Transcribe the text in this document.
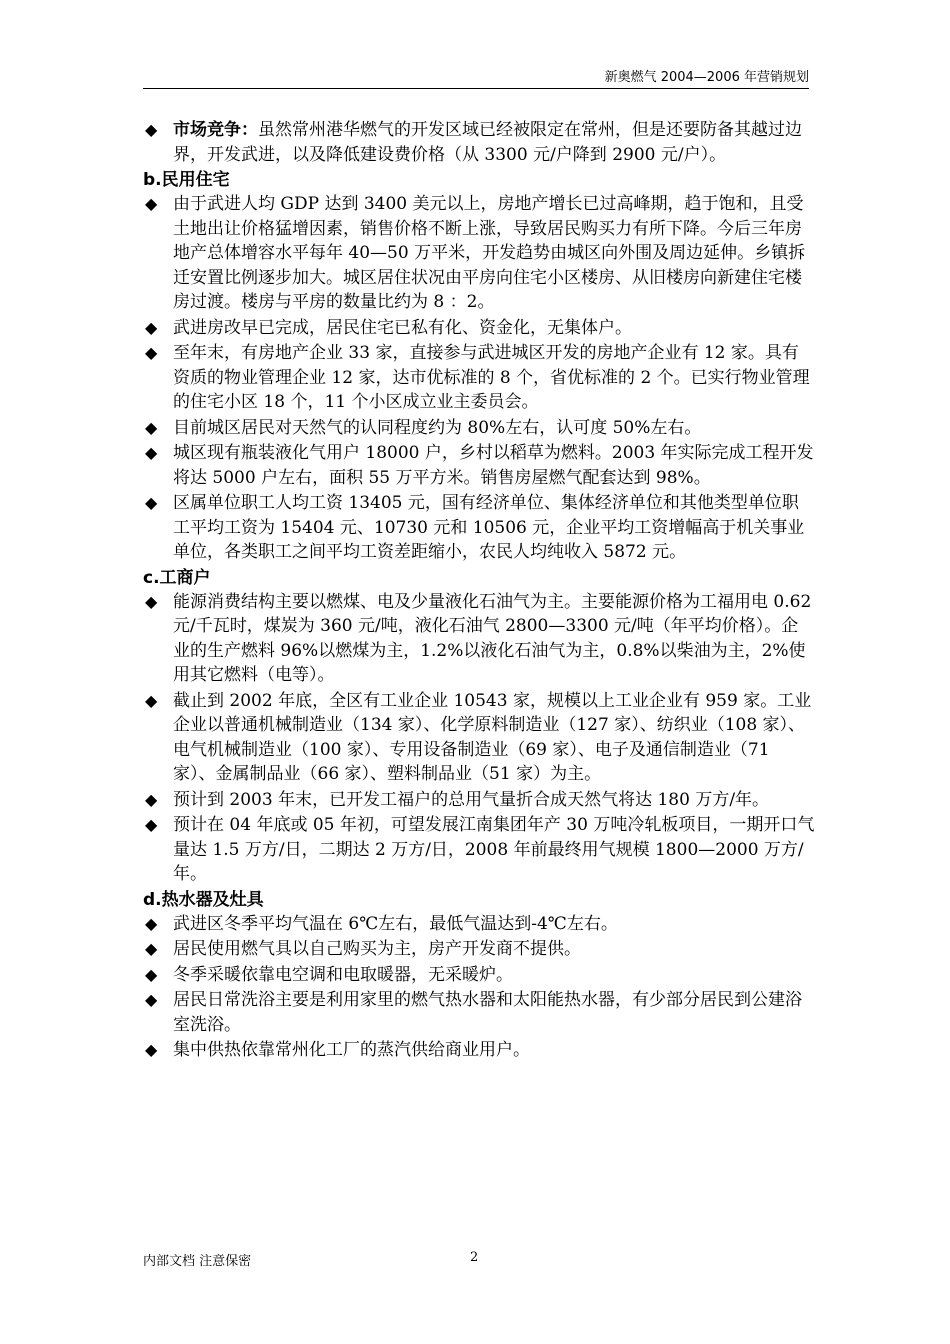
新奥燃气 2004—2006 年营销规划
◆ 市场竞争：虽然常州港华燃气的开发区域已经被限定在常州，但是还要防备其越过边界，开发武进，以及降低建设费价格（从 3300 元/户降到 2900 元/户）。
b.民用住宅
◆ 由于武进人均 GDP 达到 3400 美元以上，房地产增长已过高峰期，趋于饱和，且受土地出让价格猛增因素，销售价格不断上涨，导致居民购买力有所下降。今后三年房地产总体增容水平每年 40—50 万平米，开发趋势由城区向外围及周边延伸。乡镇拆迁安置比例逐步加大。城区居住状况由平房向住宅小区楼房、从旧楼房向新建住宅楼房过渡。楼房与平房的数量比约为 8 ：2。
◆ 武进房改早已完成，居民住宅已私有化、资金化，无集体户。
◆ 至年末，有房地产企业 33 家，直接参与武进城区开发的房地产企业有 12 家。具有资质的物业管理企业 12 家，达市优标准的 8 个，省优标准的 2 个。已实行物业管理的住宅小区 18 个，11 个小区成立业主委员会。
◆ 目前城区居民对天然气的认同程度约为 80%左右，认可度 50%左右。
◆ 城区现有瓶装液化气用户 18000 户，乡村以稻草为燃料。2003 年实际完成工程开发将达 5000 户左右，面积 55 万平方米。销售房屋燃气配套达到 98%。
◆ 区属单位职工人均工资 13405 元，国有经济单位、集体经济单位和其他类型单位职工平均工资为 15404 元、10730 元和 10506 元，企业平均工资增幅高于机关事业单位，各类职工之间平均工资差距缩小，农民人均纯收入 5872 元。
c.工商户
◆ 能源消费结构主要以燃煤、电及少量液化石油气为主。主要能源价格为工福用电 0.62 元/千瓦时，煤炭为 360 元/吨，液化石油气 2800—3300 元/吨（年平均价格）。企业的生产燃料 96%以燃煤为主，1.2%以液化石油气为主，0.8%以柴油为主，2%使用其它燃料（电等）。
◆ 截止到 2002 年底，全区有工业企业 10543 家，规模以上工业企业有 959 家。工业企业以普通机械制造业（134 家）、化学原料制造业（127 家）、纺织业（108 家）、电气机械制造业（100 家）、专用设备制造业（69 家）、电子及通信制造业（71 家）、金属制品业（66 家）、塑料制品业（51 家）为主。
◆ 预计到 2003 年末，已开发工福户的总用气量折合成天然气将达 180 万方/年。
◆ 预计在 04 年底或 05 年初，可望发展江南集团年产 30 万吨冷轧板项目，一期开口气量达 1.5 万方/日，二期达 2 万方/日，2008 年前最终用气规模 1800—2000 万方/年。
d.热水器及灶具
◆ 武进区冬季平均气温在 6℃左右，最低气温达到-4℃左右。
◆ 居民使用燃气具以自己购买为主，房产开发商不提供。
◆ 冬季采暖依靠电空调和电取暖器，无采暖炉。
◆ 居民日常洗浴主要是利用家里的燃气热水器和太阳能热水器，有少部分居民到公建浴室洗浴。
◆ 集中供热依靠常州化工厂的蒸汽供给商业用户。
内部文档 注意保密	2
